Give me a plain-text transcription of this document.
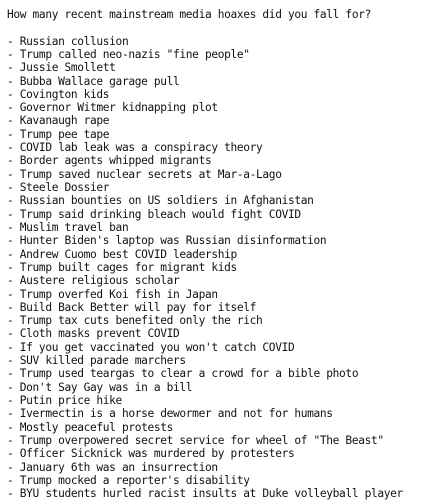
How many recent mainstream media hoaxes did you fall for?

- Russian collusion
- Trump called neo-nazis "fine people"
- Jussie Smollett
- Bubba Wallace garage pull
- Covington kids
- Governor Witmer kidnapping plot
- Kavanaugh rape
- Trump pee tape
- COVID lab leak was a conspiracy theory
- Border agents whipped migrants
- Trump saved nuclear secrets at Mar-a-Lago
- Steele Dossier
- Russian bounties on US soldiers in Afghanistan
- Trump said drinking bleach would fight COVID
- Muslim travel ban
- Hunter Biden's laptop was Russian disinformation
- Andrew Cuomo best COVID leadership
- Trump built cages for migrant kids
- Austere religious scholar
- Trump overfed Koi fish in Japan
- Build Back Better will pay for itself
- Trump tax cuts benefited only the rich
- Cloth masks prevent COVID
- If you get vaccinated you won't catch COVID
- SUV killed parade marchers
- Trump used teargas to clear a crowd for a bible photo
- Don't Say Gay was in a bill
- Putin price hike
- Ivermectin is a horse dewormer and not for humans
- Mostly peaceful protests
- Trump overpowered secret service for wheel of "The Beast"
- Officer Sicknick was murdered by protesters
- January 6th was an insurrection
- Trump mocked a reporter's disability
- BYU students hurled racist insults at Duke volleyball player
